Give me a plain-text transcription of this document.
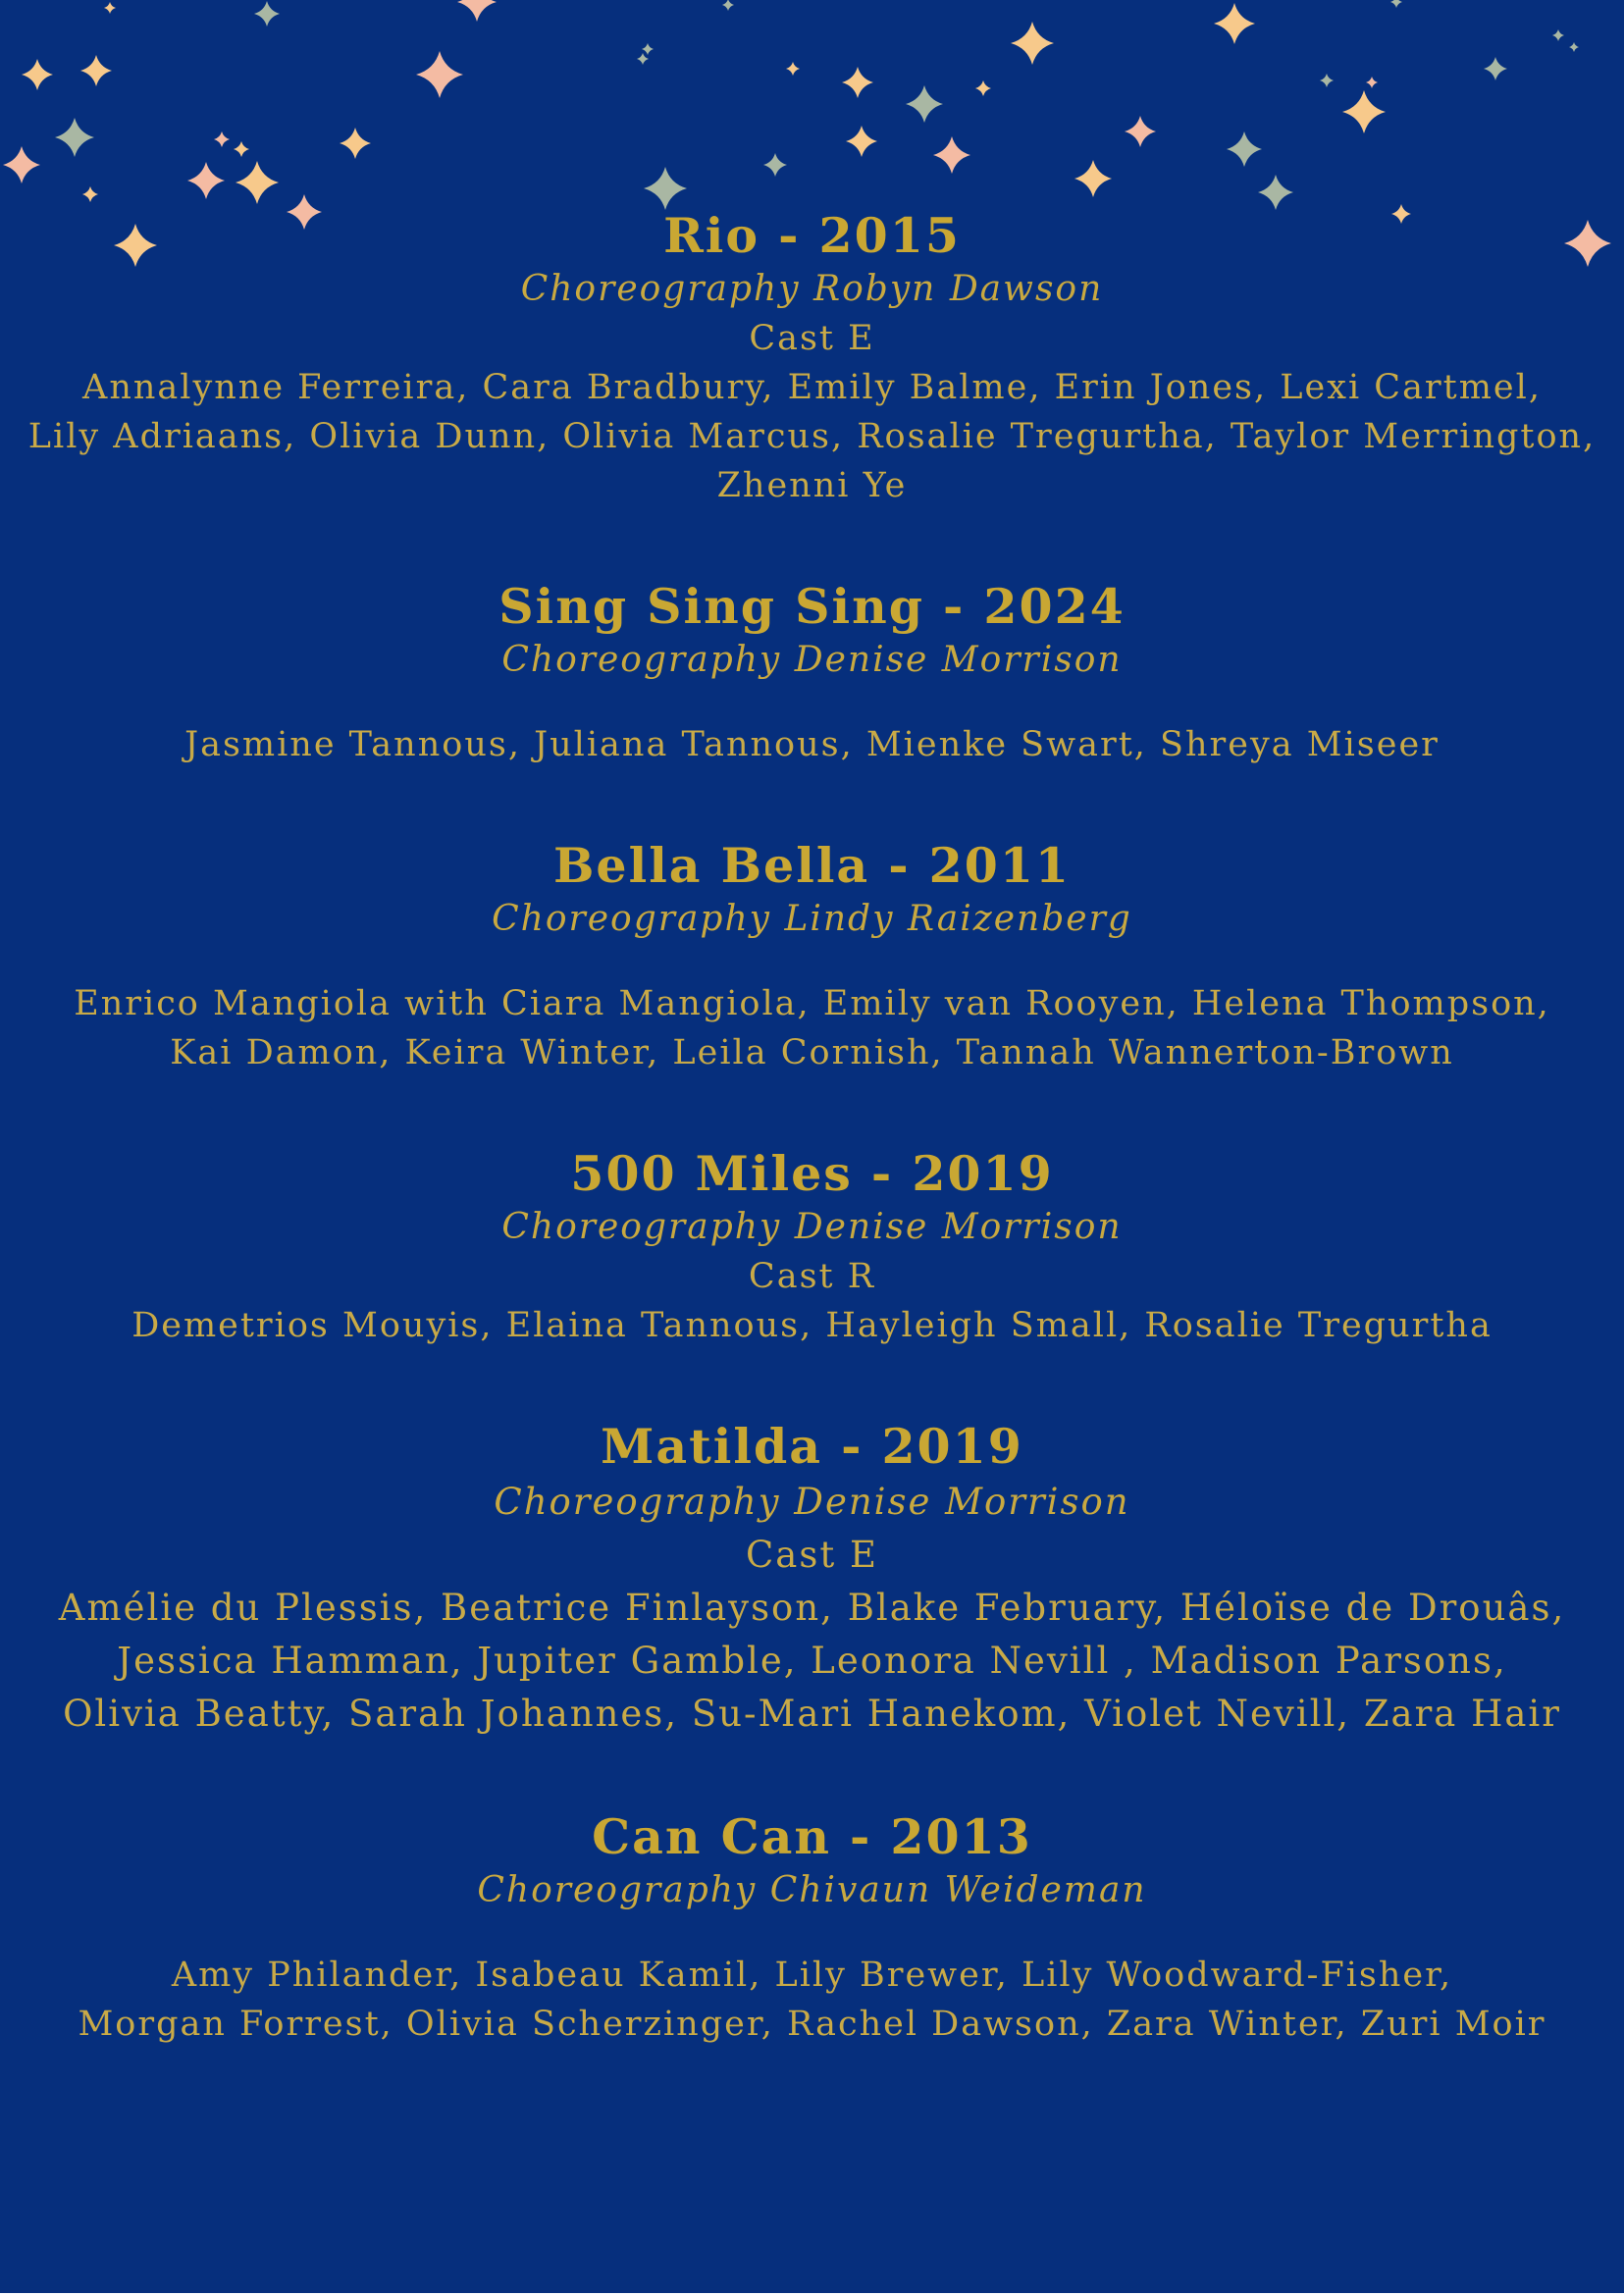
Rio - 2015
Choreography Robyn Dawson
Cast E
Annalynne Ferreira, Cara Bradbury, Emily Balme, Erin Jones, Lexi Cartmel,
Lily Adriaans, Olivia Dunn, Olivia Marcus, Rosalie Tregurtha, Taylor Merrington,
Zhenni Ye
Sing Sing Sing - 2024
Choreography Denise Morrison
Jasmine Tannous, Juliana Tannous, Mienke Swart, Shreya Miseer
Bella Bella - 2011
Choreography Lindy Raizenberg
Enrico Mangiola with Ciara Mangiola, Emily van Rooyen, Helena Thompson,
Kai Damon, Keira Winter, Leila Cornish, Tannah Wannerton-Brown
500 Miles - 2019
Choreography Denise Morrison
Cast R
Demetrios Mouyis, Elaina Tannous, Hayleigh Small, Rosalie Tregurtha
Matilda - 2019
Choreography Denise Morrison
Cast E
Amélie du Plessis, Beatrice Finlayson, Blake February, Héloïse de Drouâs,
Jessica Hamman, Jupiter Gamble, Leonora Nevill , Madison Parsons,
Olivia Beatty, Sarah Johannes, Su-Mari Hanekom, Violet Nevill, Zara Hair
Can Can - 2013
Choreography Chivaun Weideman
Amy Philander, Isabeau Kamil, Lily Brewer, Lily Woodward-Fisher,
Morgan Forrest, Olivia Scherzinger, Rachel Dawson, Zara Winter, Zuri Moir
